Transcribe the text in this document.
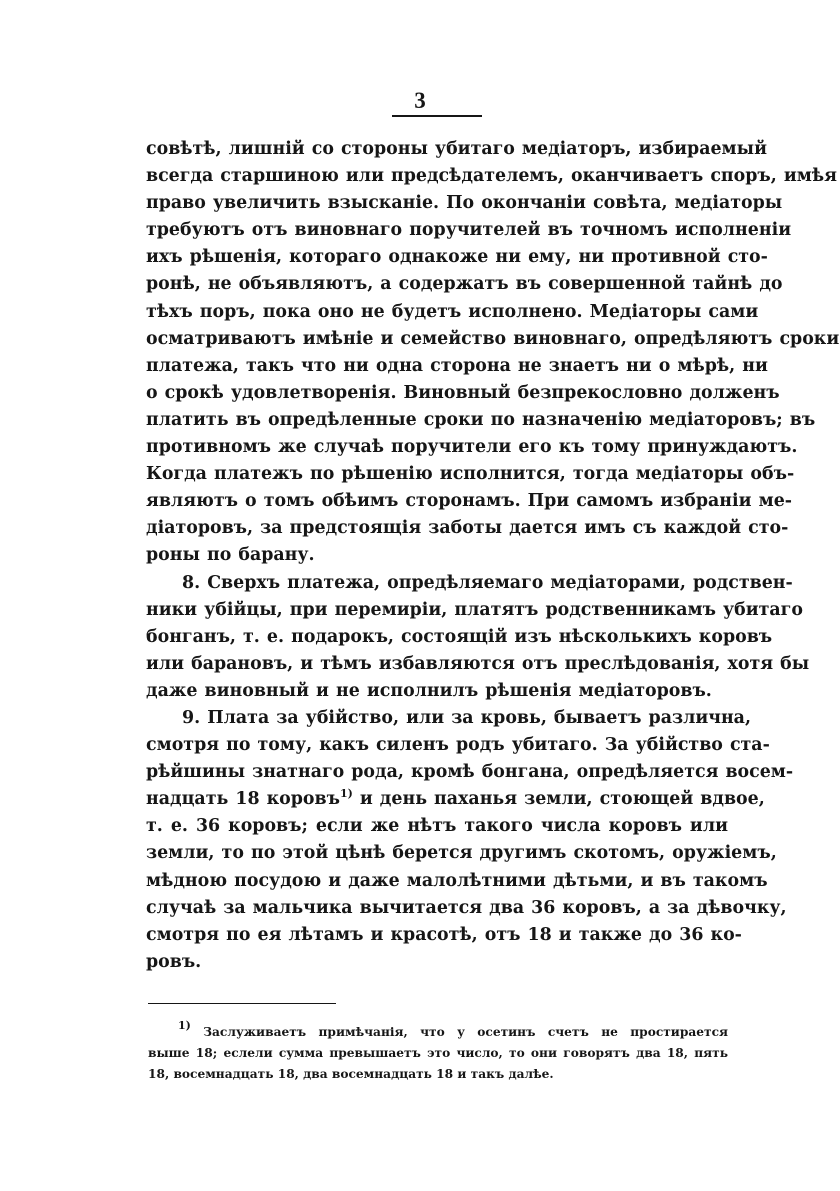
3
совѣтѣ, лишній со стороны убитаго медіаторъ, избираемый
всегда старшиною или предсѣдателемъ, оканчиваетъ споръ, имѣя
право увеличить взысканіе. По окончаніи совѣта, медіаторы
требуютъ отъ виновнаго поручителей въ точномъ исполненіи
ихъ рѣшенія, котораго однакоже ни ему, ни противной сто-
ронѣ, не объявляютъ, а содержатъ въ совершенной тайнѣ до
тѣхъ поръ, пока оно не будетъ исполнено. Медіаторы сами
осматриваютъ имѣніе и семейство виновнаго, опредѣляютъ сроки
платежа, такъ что ни одна сторона не знаетъ ни о мѣрѣ, ни
о срокѣ удовлетворенія. Виновный безпрекословно долженъ
платить въ опредѣленные сроки по назначенію медіаторовъ; въ
противномъ же случаѣ поручители его къ тому принуждаютъ.
Когда платежъ по рѣшенію исполнится, тогда медіаторы объ-
являютъ о томъ обѣимъ сторонамъ. При самомъ избраніи ме-
діаторовъ, за предстоящія заботы дается имъ съ каждой сто-
роны по барану.
8. Сверхъ платежа, опредѣляемаго медіаторами, родствен-
ники убійцы, при перемиріи, платятъ родственникамъ убитаго
бонганъ, т. е. подарокъ, состоящій изъ нѣсколькихъ коровъ
или барановъ, и тѣмъ избавляются отъ преслѣдованія, хотя бы
даже виновный и не исполнилъ рѣшенія медіаторовъ.
9. Плата за убійство, или за кровь, бываетъ различна,
смотря по тому, какъ силенъ родъ убитаго. За убійство ста-
рѣйшины знатнаго рода, кромѣ бонгана, опредѣляется восем-
надцать 18 коровъ$^{1)}$ и день паханья земли, стоющей вдвое,
т. е. 36 коровъ; если же нѣтъ такого числа коровъ или
земли, то по этой цѣнѣ берется другимъ скотомъ, оружіемъ,
мѣдною посудою и даже малолѣтними дѣтьми, и въ такомъ
случаѣ за мальчика вычитается два 36 коровъ, а за дѣвочку,
смотря по ея лѣтамъ и красотѣ, отъ 18 и также до 36 ко-
ровъ.
1) Заслуживаетъ примѣчанія, что у осетинъ счетъ не простирается
выше 18; еслели сумма превышаетъ это число, то они говорятъ два 18, пять
18, восемнадцать 18, два восемнадцать 18 и такъ далѣе.
